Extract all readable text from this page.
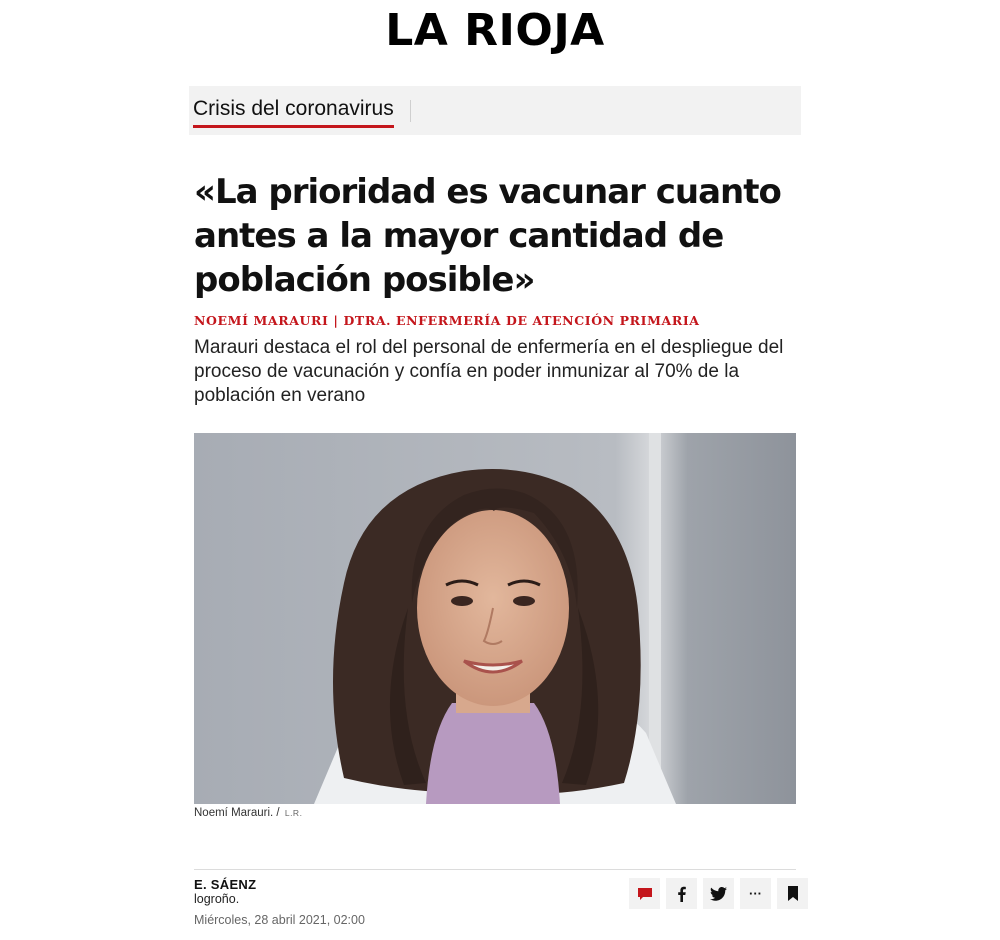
LA RIOJA
Crisis del coronavirus
«La prioridad es vacunar cuanto antes a la mayor cantidad de población posible»
NOEMÍ MARAURI | DTRA. ENFERMERÍA DE ATENCIÓN PRIMARIA

Marauri destaca el rol del personal de enfermería en el despliegue del proceso de vacunación y confía en poder inmunizar al 70% de la población en verano

Noemí Marauri. / L.R.
E. SÁENZ
logroño.
Miércoles, 28 abril 2021, 02:00
···
